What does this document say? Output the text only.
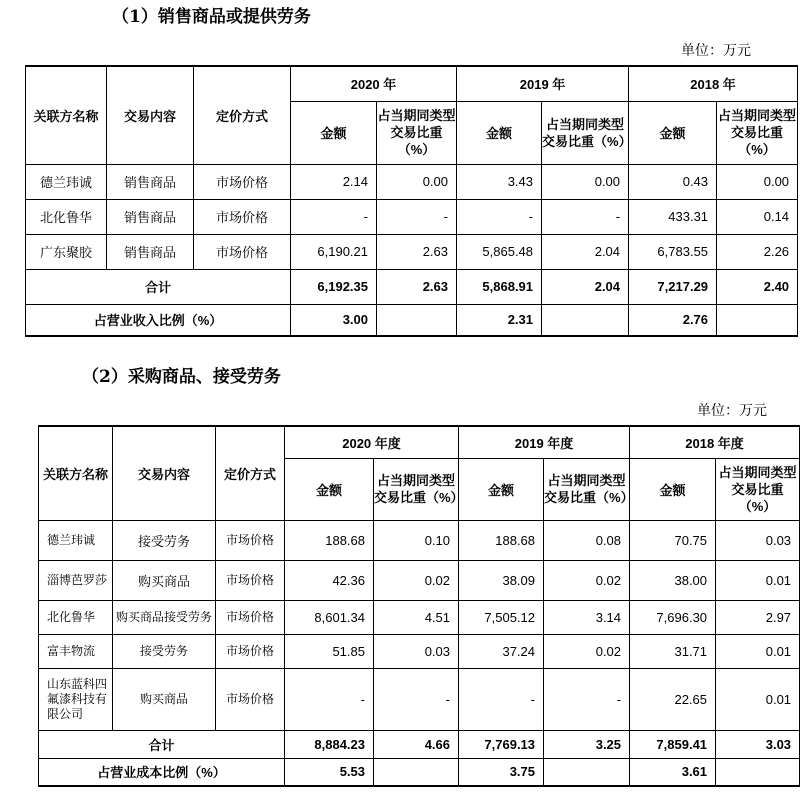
（1）销售商品或提供劳务
单位：万元
关联方名称	交易内容	定价方式	2020 年		2019 年		2018 年	
			金额	占当期同类型交易比重（%）	金额	占当期同类型交易比重（%）	金额	占当期同类型交易比重（%）
德兰玮诚	销售商品	市场价格	2.14	0.00	3.43	0.00	0.43	0.00
北化鲁华	销售商品	市场价格	-	-	-	-	433.31	0.14
广东聚胶	销售商品	市场价格	6,190.21	2.63	5,865.48	2.04	6,783.55	2.26
合计			6,192.35	2.63	5,868.91	2.04	7,217.29	2.40
占营业收入比例（%）			3.00		2.31		2.76	
（2）采购商品、接受劳务
单位：万元
关联方名称	交易内容	定价方式	2020 年度		2019 年度		2018 年度	
			金额	占当期同类型交易比重（%）	金额	占当期同类型交易比重（%）	金额	占当期同类型交易比重（%）
德兰玮诚	接受劳务	市场价格	188.68	0.10	188.68	0.08	70.75	0.03
淄博芭罗莎	购买商品	市场价格	42.36	0.02	38.09	0.02	38.00	0.01
北化鲁华	购买商品接受劳务	市场价格	8,601.34	4.51	7,505.12	3.14	7,696.30	2.97
富丰物流	接受劳务	市场价格	51.85	0.03	37.24	0.02	31.71	0.01
山东蓝科四氟漆科技有限公司	购买商品	市场价格	-	-	-	-	22.65	0.01
合计			8,884.23	4.66	7,769.13	3.25	7,859.41	3.03
占营业成本比例（%）			5.53		3.75		3.61	
